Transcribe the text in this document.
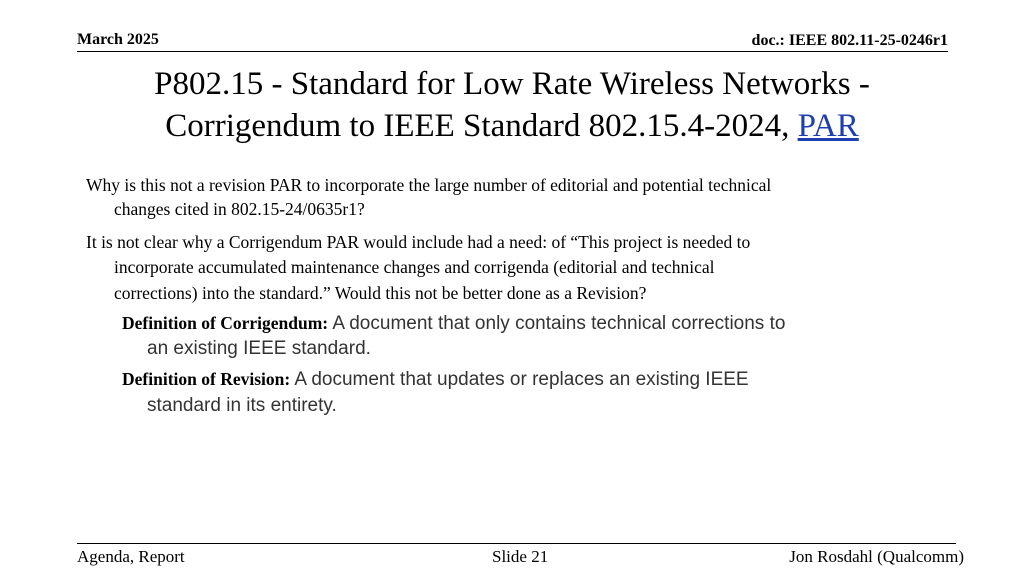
March 2025	doc.: IEEE 802.11-25-0246r1
P802.15 - Standard for Low Rate Wireless Networks -
Corrigendum to IEEE Standard 802.15.4-2024, PAR
Why is this not a revision PAR to incorporate the large number of editorial and potential technical
changes cited in 802.15-24/0635r1?
It is not clear why a Corrigendum PAR would include had a need: of “This project is needed to
incorporate accumulated maintenance changes and corrigenda (editorial and technical
corrections) into the standard.” Would this not be better done as a Revision?
Definition of Corrigendum: A document that only contains technical corrections to
an existing IEEE standard.
Definition of Revision: A document that updates or replaces an existing IEEE
standard in its entirety.
Agenda, Report	Slide 21	Jon Rosdahl (Qualcomm)
